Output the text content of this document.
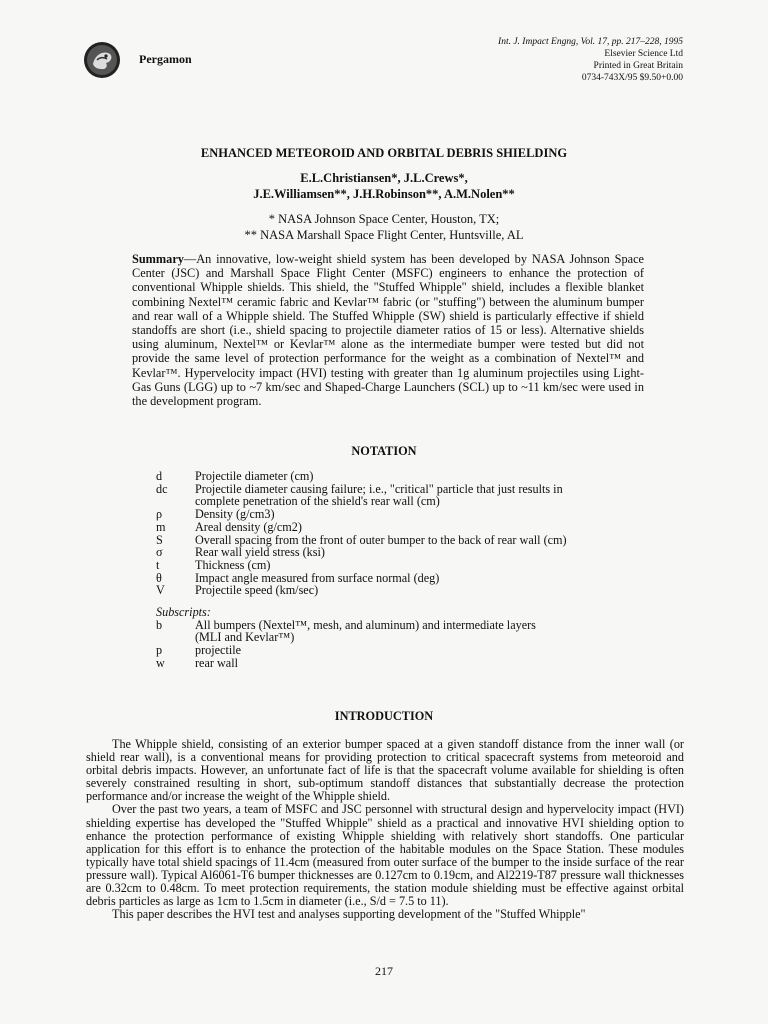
Pergamon
Int. J. Impact Engng, Vol. 17, pp. 217–228, 1995
Elsevier Science Ltd
Printed in Great Britain
0734-743X/95 $9.50+0.00
ENHANCED METEOROID AND ORBITAL DEBRIS SHIELDING
E.L.Christiansen*, J.L.Crews*,
J.E.Williamsen**, J.H.Robinson**, A.M.Nolen**
* NASA Johnson Space Center, Houston, TX;
** NASA Marshall Space Flight Center, Huntsville, AL
Summary—An innovative, low-weight shield system has been developed by NASA Johnson Space Center (JSC) and Marshall Space Flight Center (MSFC) engineers to enhance the protection of conventional Whipple shields. This shield, the "Stuffed Whipple" shield, includes a flexible blanket combining Nextel™ ceramic fabric and Kevlar™ fabric (or "stuffing") between the aluminum bumper and rear wall of a Whipple shield. The Stuffed Whipple (SW) shield is particularly effective if shield standoffs are short (i.e., shield spacing to projectile diameter ratios of 15 or less). Alternative shields using aluminum, Nextel™ or Kevlar™ alone as the intermediate bumper were tested but did not provide the same level of protection performance for the weight as a combination of Nextel™ and Kevlar™. Hypervelocity impact (HVI) testing with greater than 1g aluminum projectiles using Light-Gas Guns (LGG) up to ~7 km/sec and Shaped-Charge Launchers (SCL) up to ~11 km/sec were used in the development program.
NOTATION
d	Projectile diameter (cm)
dc	Projectile diameter causing failure; i.e., "critical" particle that just results in complete penetration of the shield's rear wall (cm)
ρ	Density (g/cm3)
m	Areal density (g/cm2)
S	Overall spacing from the front of outer bumper to the back of rear wall (cm)
σ	Rear wall yield stress (ksi)
t	Thickness (cm)
θ	Impact angle measured from surface normal (deg)
V	Projectile speed (km/sec)
Subscripts:
b	All bumpers (Nextel™, mesh, and aluminum) and intermediate layers (MLI and Kevlar™)
p	projectile
w	rear wall
INTRODUCTION

The Whipple shield, consisting of an exterior bumper spaced at a given standoff distance from the inner wall (or shield rear wall), is a conventional means for providing protection to critical spacecraft systems from meteoroid and orbital debris impacts. However, an unfortunate fact of life is that the spacecraft volume available for shielding is often severely constrained resulting in short, sub-optimum standoff distances that substantially decrease the protection performance and/or increase the weight of the Whipple shield.

Over the past two years, a team of MSFC and JSC personnel with structural design and hypervelocity impact (HVI) shielding expertise has developed the "Stuffed Whipple" shield as a practical and innovative HVI shielding option to enhance the protection performance of existing Whipple shielding with relatively short standoffs. One particular application for this effort is to enhance the protection of the habitable modules on the Space Station. These modules typically have total shield spacings of 11.4cm (measured from outer surface of the bumper to the inside surface of the rear pressure wall). Typical Al6061-T6 bumper thicknesses are 0.127cm to 0.19cm, and Al2219-T87 pressure wall thicknesses are 0.32cm to 0.48cm. To meet protection requirements, the station module shielding must be effective against orbital debris particles as large as 1cm to 1.5cm in diameter (i.e., S/d = 7.5 to 11).

This paper describes the HVI test and analyses supporting development of the "Stuffed Whipple"

217
